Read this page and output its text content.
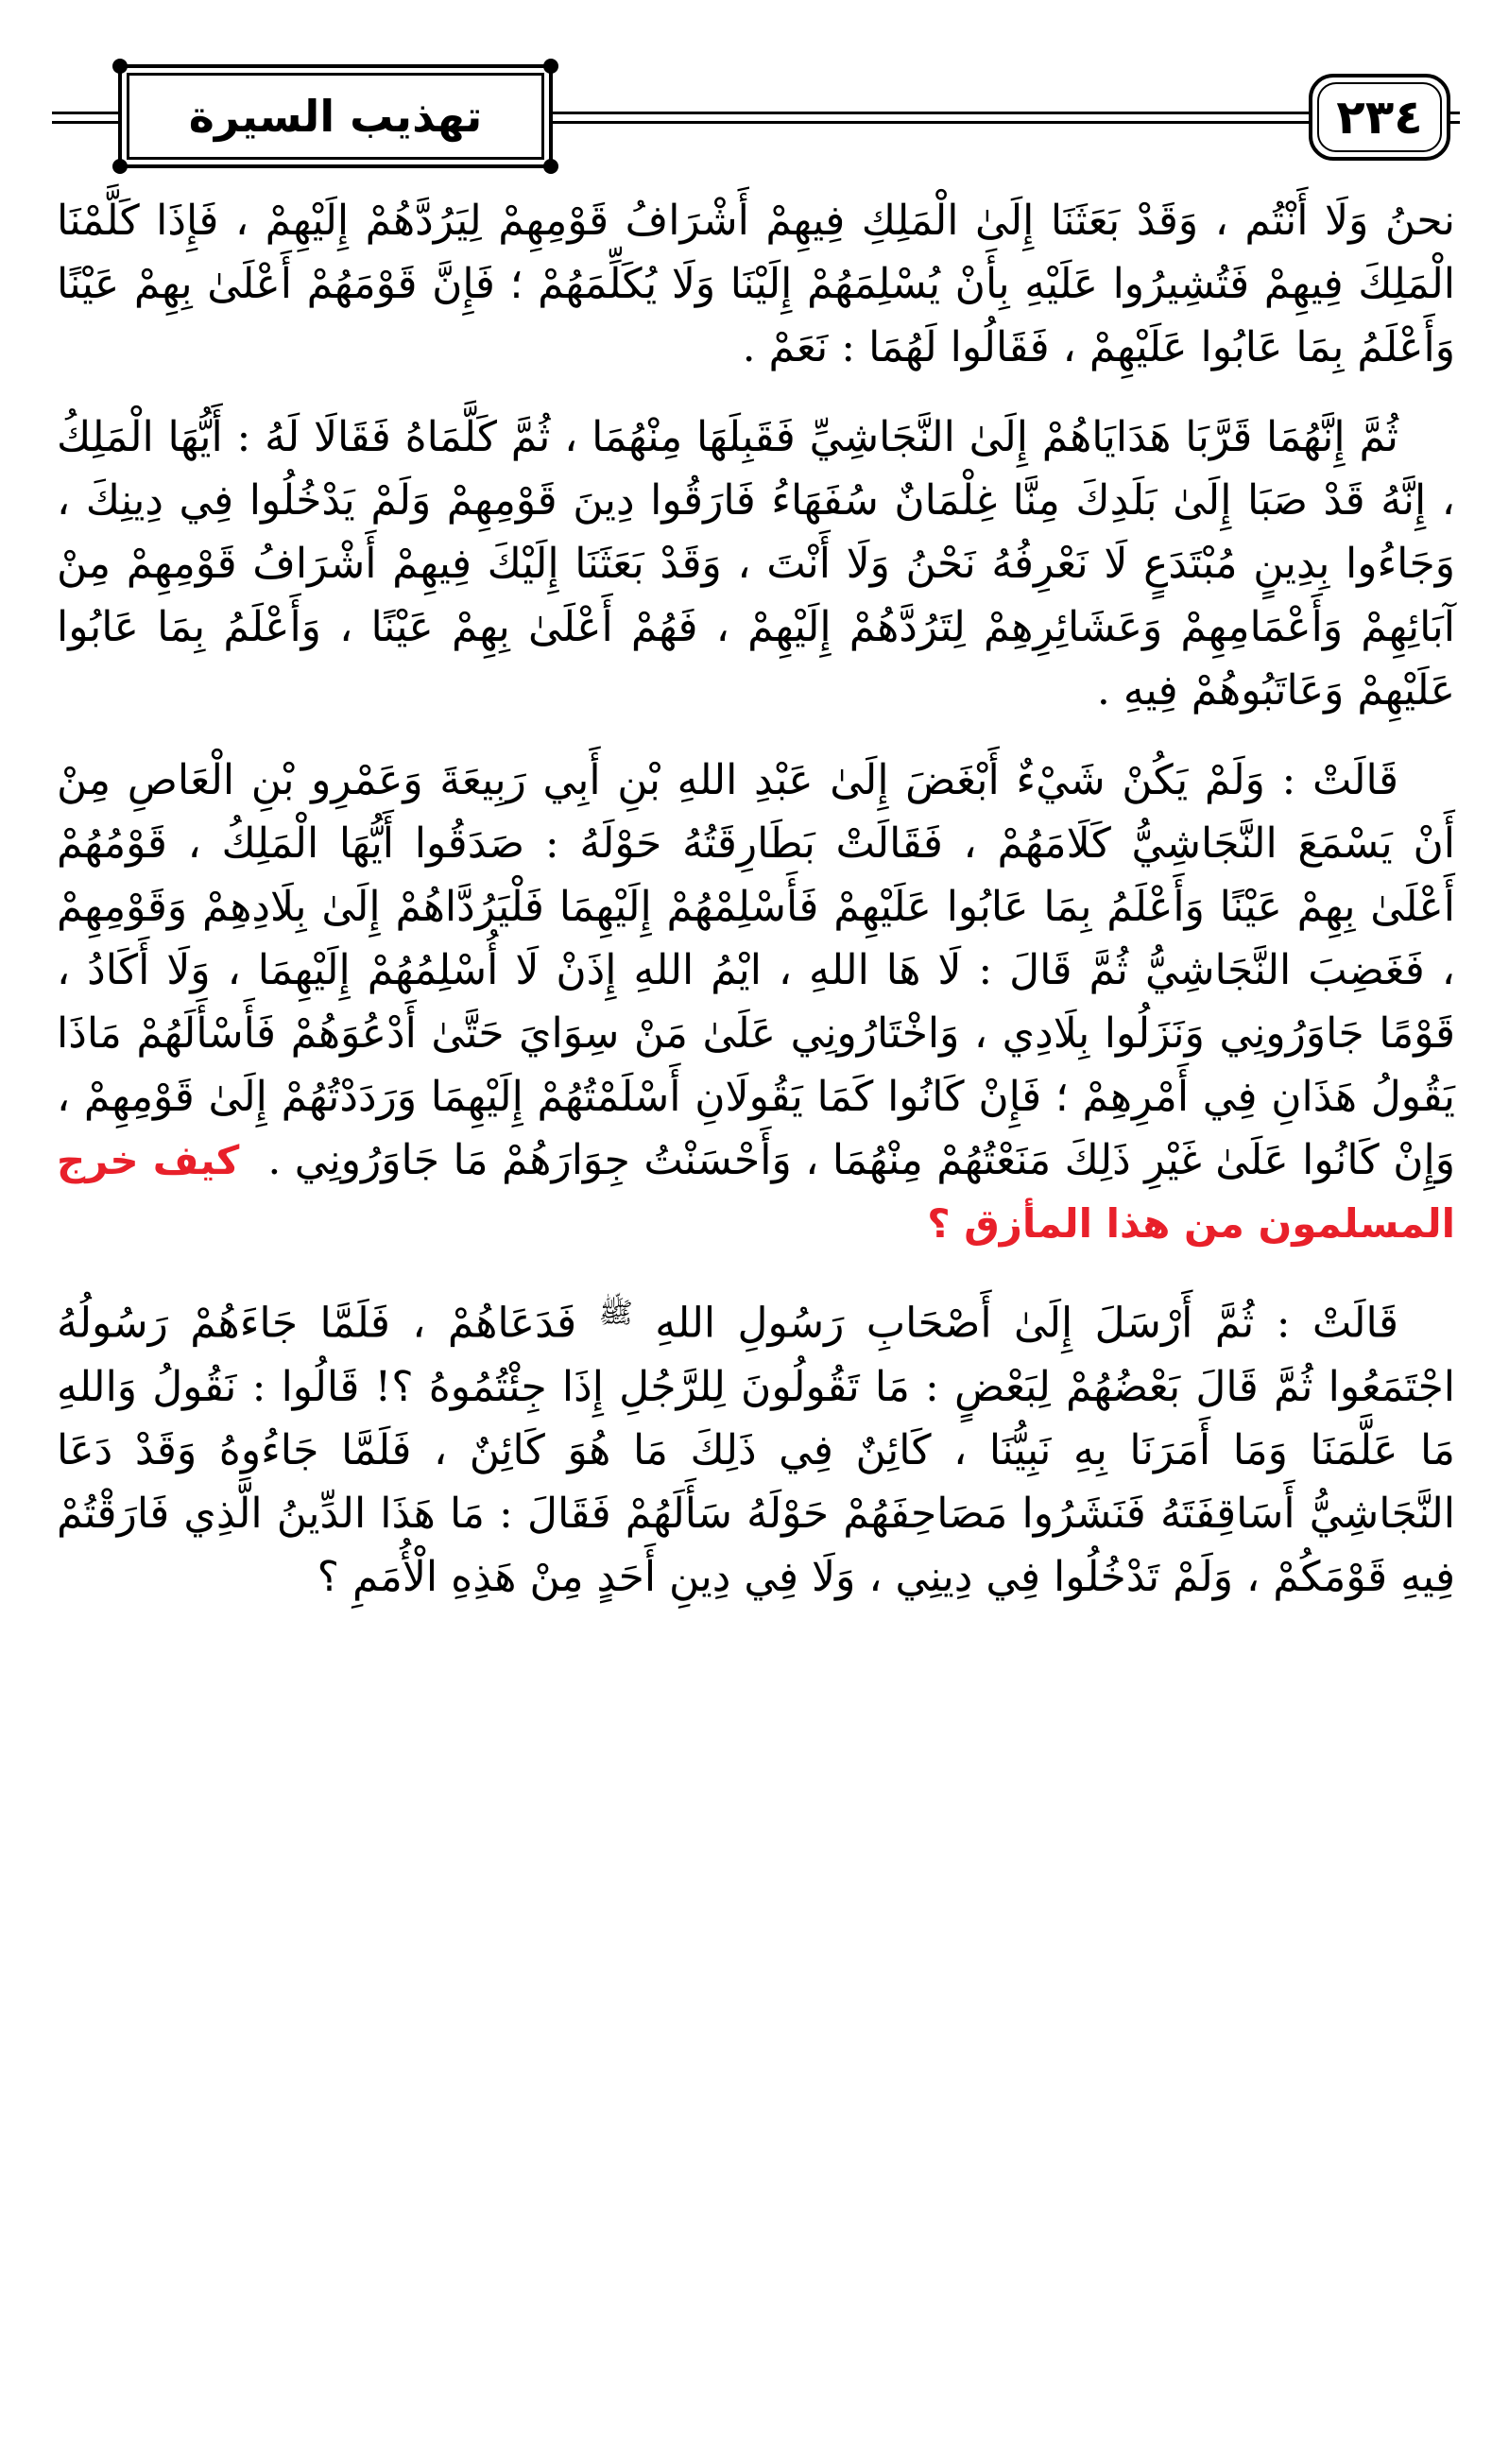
تهذيب السيرة	٢٣٤

نحنُ وَلَا أَنْتُم ، وَقَدْ بَعَثَنَا إِلَىٰ الْمَلِكِ فِيهِمْ أَشْرَافُ قَوْمِهِمْ لِيَرُدَّهُمْ إِلَيْهِمْ ، فَإِذَا كَلَّمْنَا الْمَلِكَ فِيهِمْ فَتُشِيرُوا عَلَيْهِ بِأَنْ يُسْلِمَهُمْ إِلَيْنَا وَلَا يُكَلِّمَهُمْ ؛ فَإِنَّ قَوْمَهُمْ أَعْلَىٰ بِهِمْ عَيْنًا وَأَعْلَمُ بِمَا عَابُوا عَلَيْهِمْ ، فَقَالُوا لَهُمَا : نَعَمْ .

ثُمَّ إِنَّهُمَا قَرَّبَا هَدَايَاهُمْ إِلَىٰ النَّجَاشِيِّ فَقَبِلَهَا مِنْهُمَا ، ثُمَّ كَلَّمَاهُ فَقَالَا لَهُ : أَيُّهَا الْمَلِكُ ، إِنَّهُ قَدْ صَبَا إِلَىٰ بَلَدِكَ مِنَّا غِلْمَانٌ سُفَهَاءُ فَارَقُوا دِينَ قَوْمِهِمْ وَلَمْ يَدْخُلُوا فِي دِينِكَ ، وَجَاءُوا بِدِينٍ مُبْتَدَعٍ لَا نَعْرِفُهُ نَحْنُ وَلَا أَنْتَ ، وَقَدْ بَعَثَنَا إِلَيْكَ فِيهِمْ أَشْرَافُ قَوْمِهِمْ مِنْ آبَائِهِمْ وَأَعْمَامِهِمْ وَعَشَائِرِهِمْ لِتَرُدَّهُمْ إِلَيْهِمْ ، فَهُمْ أَعْلَىٰ بِهِمْ عَيْنًا ، وَأَعْلَمُ بِمَا عَابُوا عَلَيْهِمْ وَعَاتَبُوهُمْ فِيهِ .

قَالَتْ : وَلَمْ يَكُنْ شَيْءٌ أَبْغَضَ إِلَىٰ عَبْدِ اللهِ بْنِ أَبِي رَبِيعَةَ وَعَمْرِو بْنِ الْعَاصِ مِنْ أَنْ يَسْمَعَ النَّجَاشِيُّ كَلَامَهُمْ ، فَقَالَتْ بَطَارِقَتُهُ حَوْلَهُ : صَدَقُوا أَيُّهَا الْمَلِكُ ، قَوْمُهُمْ أَعْلَىٰ بِهِمْ عَيْنًا وَأَعْلَمُ بِمَا عَابُوا عَلَيْهِمْ فَأَسْلِمْهُمْ إِلَيْهِمَا فَلْيَرُدَّاهُمْ إِلَىٰ بِلَادِهِمْ وَقَوْمِهِمْ ، فَغَضِبَ النَّجَاشِيُّ ثُمَّ قَالَ : لَا هَا اللهِ ، ايْمُ اللهِ إِذَنْ لَا أُسْلِمُهُمْ إِلَيْهِمَا ، وَلَا أَكَادُ ، قَوْمًا جَاوَرُونِي وَنَزَلُوا بِلَادِي ، وَاخْتَارُونِي عَلَىٰ مَنْ سِوَايَ حَتَّىٰ أَدْعُوَهُمْ فَأَسْأَلَهُمْ مَاذَا يَقُولُ هَذَانِ فِي أَمْرِهِمْ ؛ فَإِنْ كَانُوا كَمَا يَقُولَانِ أَسْلَمْتُهُمْ إِلَيْهِمَا وَرَدَدْتُهُمْ إِلَىٰ قَوْمِهِمْ ، وَإِنْ كَانُوا عَلَىٰ غَيْرِ ذَلِكَ مَنَعْتُهُمْ مِنْهُمَا ، وَأَحْسَنْتُ جِوَارَهُمْ مَا جَاوَرُونِي .كيف خرج المسلمون من هذا المأزق ؟

قَالَتْ : ثُمَّ أَرْسَلَ إِلَىٰ أَصْحَابِ رَسُولِ اللهِ $^ﷺ$ فَدَعَاهُمْ ، فَلَمَّا جَاءَهُمْ رَسُولُهُ اجْتَمَعُوا ثُمَّ قَالَ بَعْضُهُمْ لِبَعْضٍ : مَا تَقُولُونَ لِلرَّجُلِ إِذَا جِئْتُمُوهُ ؟! قَالُوا : نَقُولُ وَاللهِ مَا عَلَّمَنَا وَمَا أَمَرَنَا بِهِ نَبِيُّنَا ، كَائِنٌ فِي ذَلِكَ مَا هُوَ كَائِنٌ ، فَلَمَّا جَاءُوهُ وَقَدْ دَعَا النَّجَاشِيُّ أَسَاقِفَتَهُ فَنَشَرُوا مَصَاحِفَهُمْ حَوْلَهُ سَأَلَهُمْ فَقَالَ : مَا هَذَا الدِّينُ الَّذِي فَارَقْتُمْ فِيهِ قَوْمَكُمْ ، وَلَمْ تَدْخُلُوا فِي دِينِي ، وَلَا فِي دِينِ أَحَدٍ مِنْ هَذِهِ الْأُمَمِ ؟
